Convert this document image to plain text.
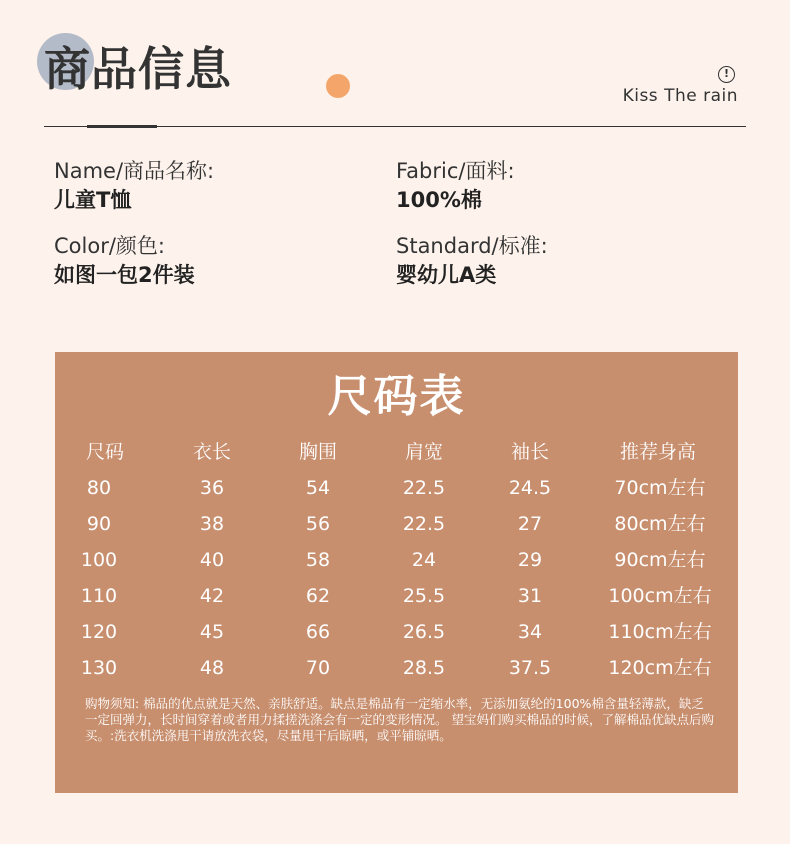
商品信息	!
Kiss The rain
Name/商品名称:
儿童T恤
Fabric/面料:
100%棉
Color/颜色:
如图一包2件装
Standard/标准:
婴幼儿A类
尺码表
尺码	衣长	胸围	肩宽	袖长	推荐身高
80	36	54	22.5	24.5	70cm左右
90	38	56	22.5	27	80cm左右
100	40	58	24	29	90cm左右
110	42	62	25.5	31	100cm左右
120	45	66	26.5	34	110cm左右
130	48	70	28.5	37.5	120cm左右
购物须知: 棉品的优点就是天然、亲肤舒适。缺点是棉品有一定缩水率，无添加氨纶的100%棉含量轻薄款，缺乏一定回弹力，长时间穿着或者用力揉搓洗涤会有一定的变形情况。 望宝妈们购买棉品的时候，了解棉品优缺点后购买。:洗衣机洗涤甩干请放洗衣袋，尽量甩干后晾晒，或平铺晾晒。
